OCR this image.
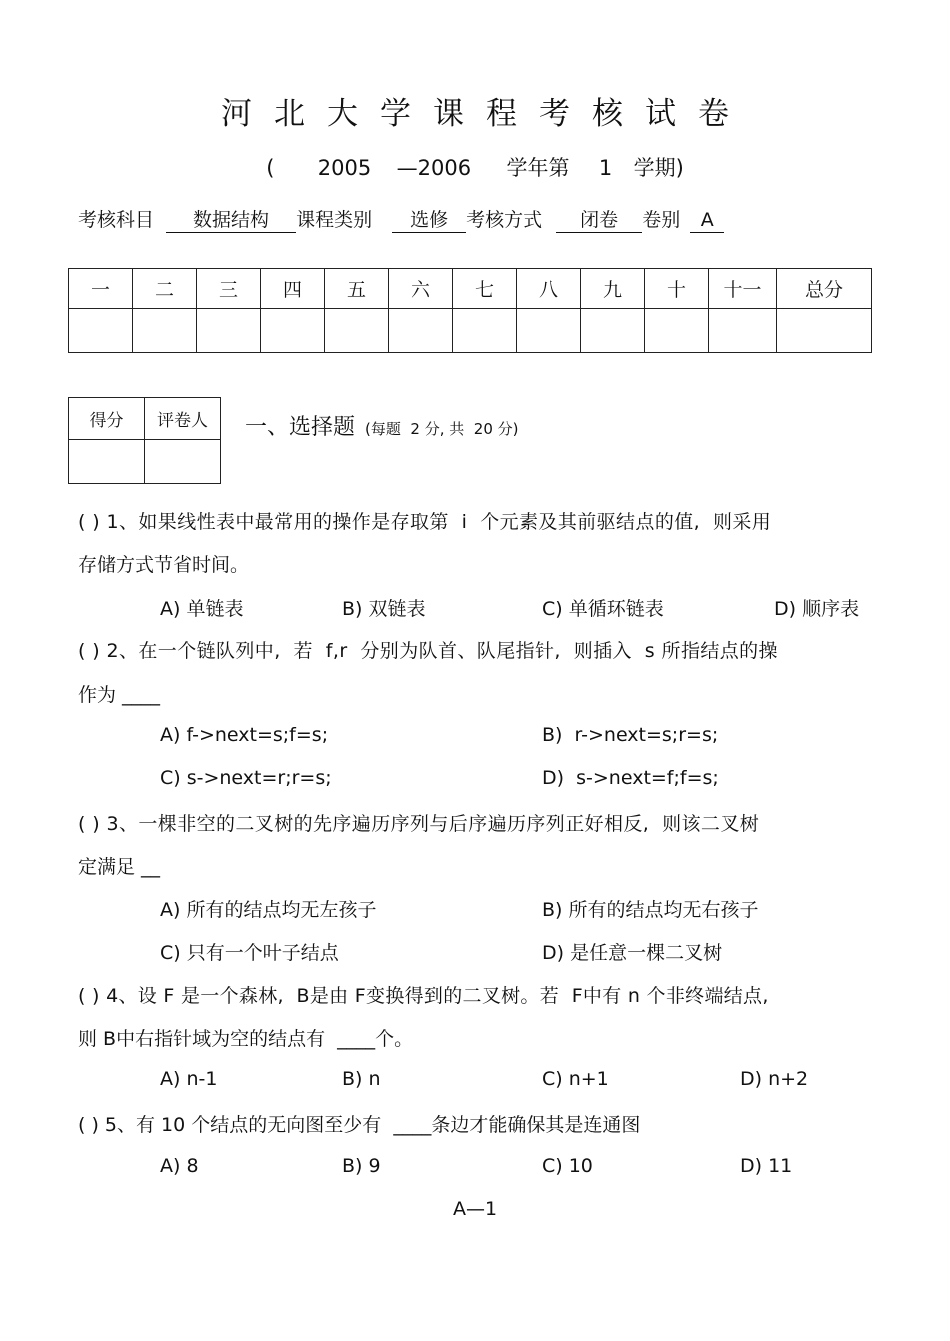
河北大学课程考核试卷
( 2005 —2006 学年第 1 学期)
考核科目 数据结构 课程类别 选修 考核方式 闭卷 卷别 A
一	二	三	四	五	六	七	八	九	十	十一	总分

得分	评卷人
	一、选择题 (每题  2 分, 共  20 分)
( ) 1、如果线性表中最常用的操作是存取第  i  个元素及其前驱结点的值,  则采用
存储方式节省时间。
A) 单链表	B) 双链表	C) 单循环链表	D) 顺序表
( ) 2、在一个链队列中,  若  f,r  分别为队首、队尾指针,  则插入  s 所指结点的操
作为 ____
A) f->next=s;f=s;	B)  r->next=s;r=s;
C) s->next=r;r=s;	D)  s->next=f;f=s;
( ) 3、一棵非空的二叉树的先序遍历序列与后序遍历序列正好相反,  则该二叉树
定满足 __
A) 所有的结点均无左孩子	B) 所有的结点均无右孩子
C) 只有一个叶子结点	D) 是任意一棵二叉树
( ) 4、设 F 是一个森林,  B是由 F变换得到的二叉树。若  F中有 n 个非终端结点,
则 B中右指针域为空的结点有  ____个。
A) n-1	B) n	C) n+1	D) n+2
( ) 5、有 10 个结点的无向图至少有  ____条边才能确保其是连通图
A) 8	B) 9	C) 10	D) 11
A—1
